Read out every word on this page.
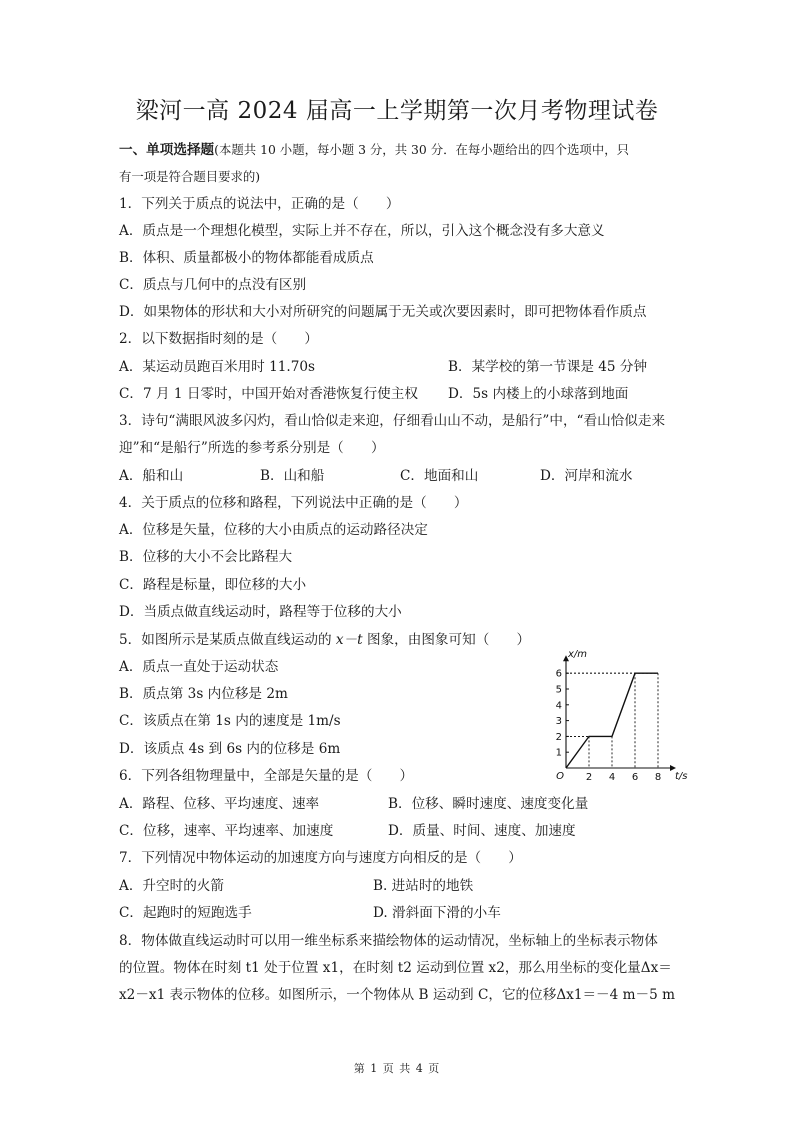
梁河一高 2024 届高一上学期第一次月考物理试卷
一、单项选择题(本题共 10 小题，每小题 3 分，共 30 分．在每小题给出的四个选项中，只
有一项是符合题目要求的)
1．下列关于质点的说法中，正确的是（　　）
A．质点是一个理想化模型，实际上并不存在，所以，引入这个概念没有多大意义
B．体积、质量都极小的物体都能看成质点
C．质点与几何中的点没有区别
D．如果物体的形状和大小对所研究的问题属于无关或次要因素时，即可把物体看作质点
2．以下数据指时刻的是（　　）
A．某运动员跑百米用时 11.70s	B．某学校的第一节课是 45 分钟
C．7 月 1 日零时，中国开始对香港恢复行使主权 D．5s 内楼上的小球落到地面
3．诗句“满眼风波多闪灼，看山恰似走来迎，仔细看山山不动，是船行”中，“看山恰似走来
迎”和“是船行”所选的参考系分别是（　　）
A．船和山	B．山和船	C．地面和山	D．河岸和流水
4．关于质点的位移和路程，下列说法中正确的是（　　）
A．位移是矢量，位移的大小由质点的运动路径决定
B．位移的大小不会比路程大
C．路程是标量，即位移的大小
D．当质点做直线运动时，路程等于位移的大小
5．如图所示是某质点做直线运动的 x－t 图象，由图象可知（　　）
A．质点一直处于运动状态
B．质点第 3s 内位移是 2m
C．该质点在第 1s 内的速度是 1m/s
D．该质点 4s 到 6s 内的位移是 6m	1
2
3
4
5
6
2 4 6 8
O	t/s
x/m
6．下列各组物理量中，全部是矢量的是（　　）
A．路程、位移、平均速度、速率	B．位移、瞬时速度、速度变化量
C．位移，速率、平均速率、加速度	D．质量、时间、速度、加速度
7．下列情况中物体运动的加速度方向与速度方向相反的是（　　）
A．升空时的火箭	B. 进站时的地铁
C．起跑时的短跑选手	D. 滑斜面下滑的小车
8．物体做直线运动时可以用一维坐标系来描绘物体的运动情况，坐标轴上的坐标表示物体
的位置。物体在时刻 t1 处于位置 x1，在时刻 t2 运动到位置 x2，那么用坐标的变化量Δx＝
x2－x1 表示物体的位移。如图所示，一个物体从 B 运动到 C，它的位移Δx1＝－4 m－5 m
第 1 页 共 4 页
